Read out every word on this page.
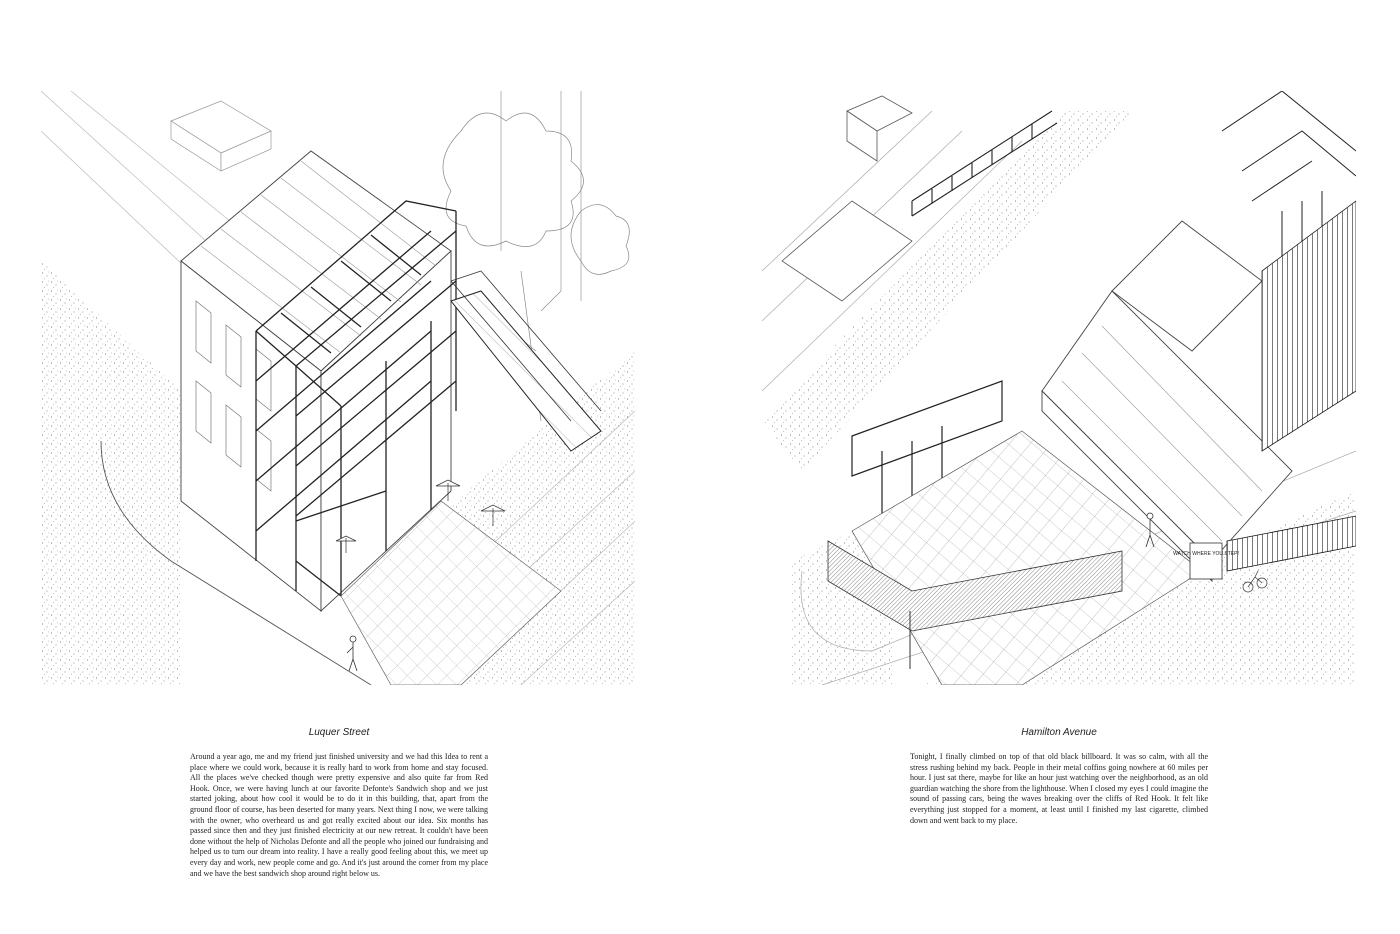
WATCH WHERE YOU STEP!
Luquer Street
Around a year ago, me and my friend just finished university and we had this Idea to rent a place where we could work, because it is really hard to work from home and stay focused. All the places we've checked though were pretty expensive and also quite far from Red Hook. Once, we were having lunch at our favorite Defonte's Sandwich shop and we just started joking, about how cool it would be to do it in this building, that, apart from the ground floor of course, has been deserted for many years. Next thing I now, we were talking with the owner, who overheard us and got really excited about our idea. Six months has passed since then and they just finished electricity at our new retreat. It couldn't have been done without the help of Nicholas Defonte and all the people who joined our fundraising and helped us to turn our dream into reality. I have a really good feeling about this, we meet up every day and work, new people come and go. And it's just around the corner from my place and we have the best sandwich shop around right below us.
Hamilton Avenue
Tonight, I finally climbed on top of that old black billboard. It was so calm, with all the stress rushing behind my back. People in their metal coffins going nowhere at 60 miles per hour. I just sat there, maybe for like an hour just watching over the neighborhood, as an old guardian watching the shore from the lighthouse. When I closed my eyes I could imagine the sound of passing cars, being the waves breaking over the cliffs of Red Hook. It felt like everything just stopped for a moment, at least until I finished my last cigarette, climbed down and went back to my place.
